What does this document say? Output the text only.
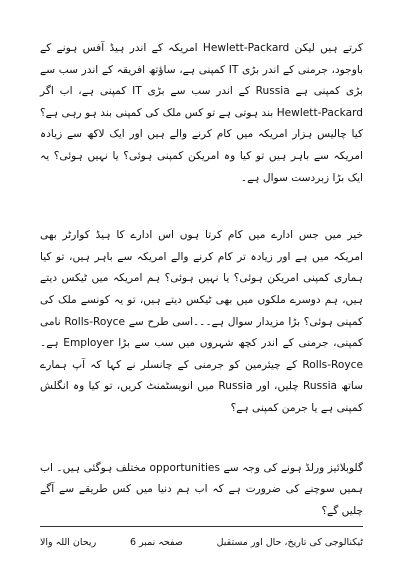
کرتے ہیں لیکن Hewlett-Packard امریکہ کے اندر ہیڈ آفس ہونے کے باوجود، جرمنی کے اندر بڑی IT کمپنی ہے، ساؤتھ افریقہ کے اندر سب سے بڑی کمپنی ہے Russia کے اندر سب سے بڑی IT کمپنی ہے، اب اگر Hewlett-Packard بند ہوتی ہے تو کس ملک کی کمپنی بند ہو رہی ہے؟ کیا چالیس ہزار امریکہ میں کام کرنے والے ہیں اور ایک لاکھ سے زیادہ امریکہ سے باہر ہیں تو کیا وہ امریکن کمپنی ہوئی؟ یا نہیں ہوئی؟ یہ ایک بڑا زبردست سوال ہے۔

خیر میں جس ادارے میں کام کرتا ہوں اس ادارے کا ہیڈ کوارٹر بھی امریکہ میں ہے اور زیادہ تر کام کرنے والے امریکہ سے باہر ہیں، تو کیا ہماری کمپنی امریکن ہوئی؟ یا نہیں ہوئی؟ ہم امریکہ میں ٹیکس دیتے ہیں، ہم دوسرے ملکوں میں بھی ٹیکس دیتے ہیں، تو یہ کونسے ملک کی کمپنی ہوئی؟ بڑا مزیدار سوال ہے۔۔۔اسی طرح سے Rolls-Royce نامی کمپنی، جرمنی کے اندر کچھ شہروں میں سب سے بڑا Employer ہے۔ Rolls-Royce کے چیئرمین کو جرمنی کے چانسلر نے کہا کہ آپ ہمارے ساتھ Russia چلیں، اور Russia میں انویسٹمنٹ کریں، تو کیا وہ انگلش کمپنی ہے یا جرمن کمپنی ہے؟

گلوبلائیز ورلڈ ہونے کی وجہ سے opportunities مختلف ہوگئی ہیں۔ اب ہمیں سوچنے کی ضرورت ہے کہ اب ہم دنیا میں کس طریقے سے آگے چلیں گے؟

ریحان اللہ والا	صفحہ نمبر
6	ٹیکنالوجی کی تاریخ، حال اور مستقبل
